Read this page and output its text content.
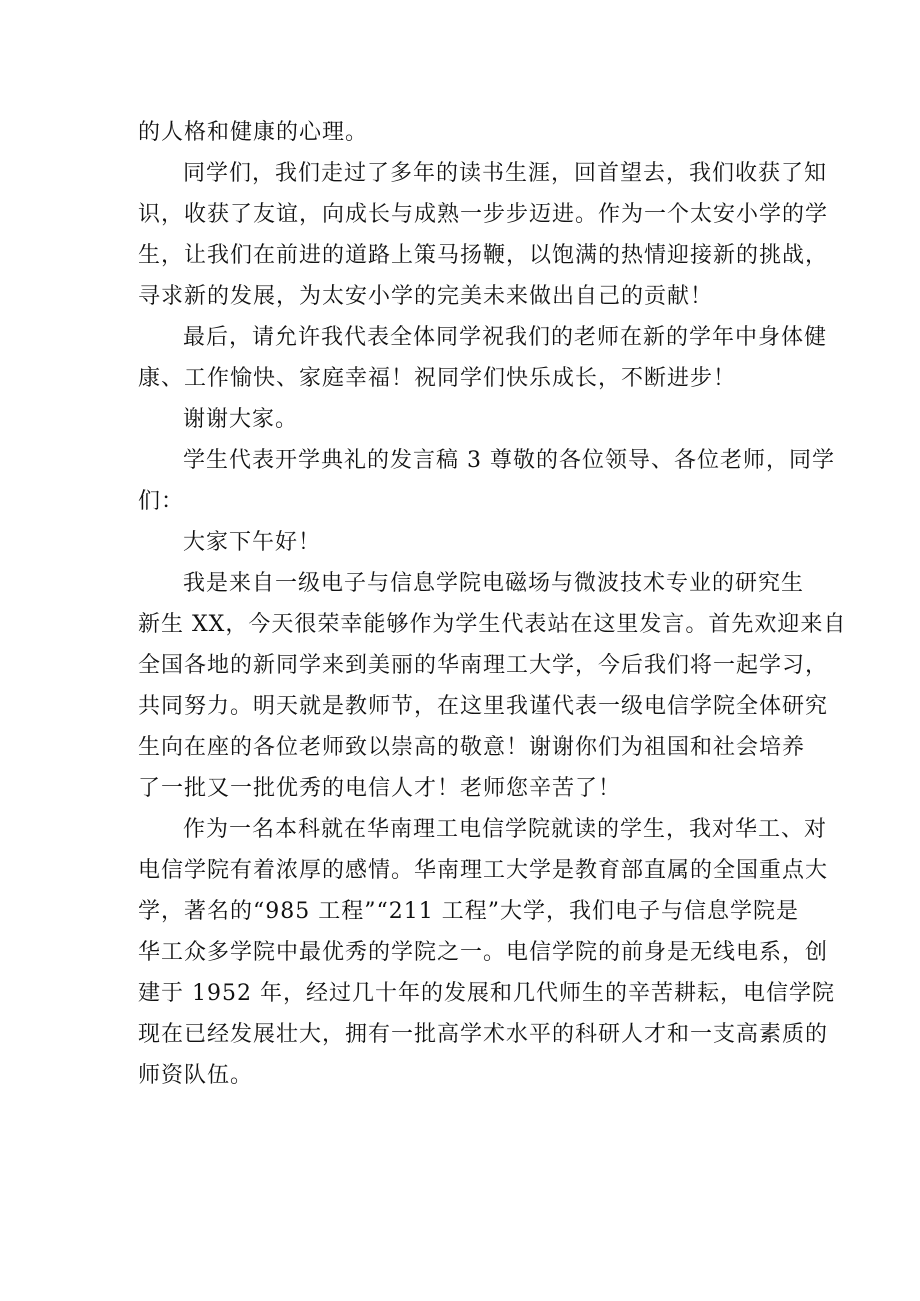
的人格和健康的心理。
同学们，我们走过了多年的读书生涯，回首望去，我们收获了知
识，收获了友谊，向成长与成熟一步步迈进。作为一个太安小学的学
生，让我们在前进的道路上策马扬鞭，以饱满的热情迎接新的挑战，
寻求新的发展，为太安小学的完美未来做出自己的贡献！
最后，请允许我代表全体同学祝我们的老师在新的学年中身体健
康、工作愉快、家庭幸福！祝同学们快乐成长，不断进步！
谢谢大家。
学生代表开学典礼的发言稿 3 尊敬的各位领导、各位老师，同学
们：
大家下午好！
我是来自一级电子与信息学院电磁场与微波技术专业的研究生
新生 XX，今天很荣幸能够作为学生代表站在这里发言。首先欢迎来自
全国各地的新同学来到美丽的华南理工大学，今后我们将一起学习，
共同努力。明天就是教师节，在这里我谨代表一级电信学院全体研究
生向在座的各位老师致以崇高的敬意！谢谢你们为祖国和社会培养
了一批又一批优秀的电信人才！老师您辛苦了！
作为一名本科就在华南理工电信学院就读的学生，我对华工、对
电信学院有着浓厚的感情。华南理工大学是教育部直属的全国重点大
学，著名的“985 工程”“211 工程”大学，我们电子与信息学院是
华工众多学院中最优秀的学院之一。电信学院的前身是无线电系，创
建于 1952 年，经过几十年的发展和几代师生的辛苦耕耘，电信学院
现在已经发展壮大，拥有一批高学术水平的科研人才和一支高素质的
师资队伍。
